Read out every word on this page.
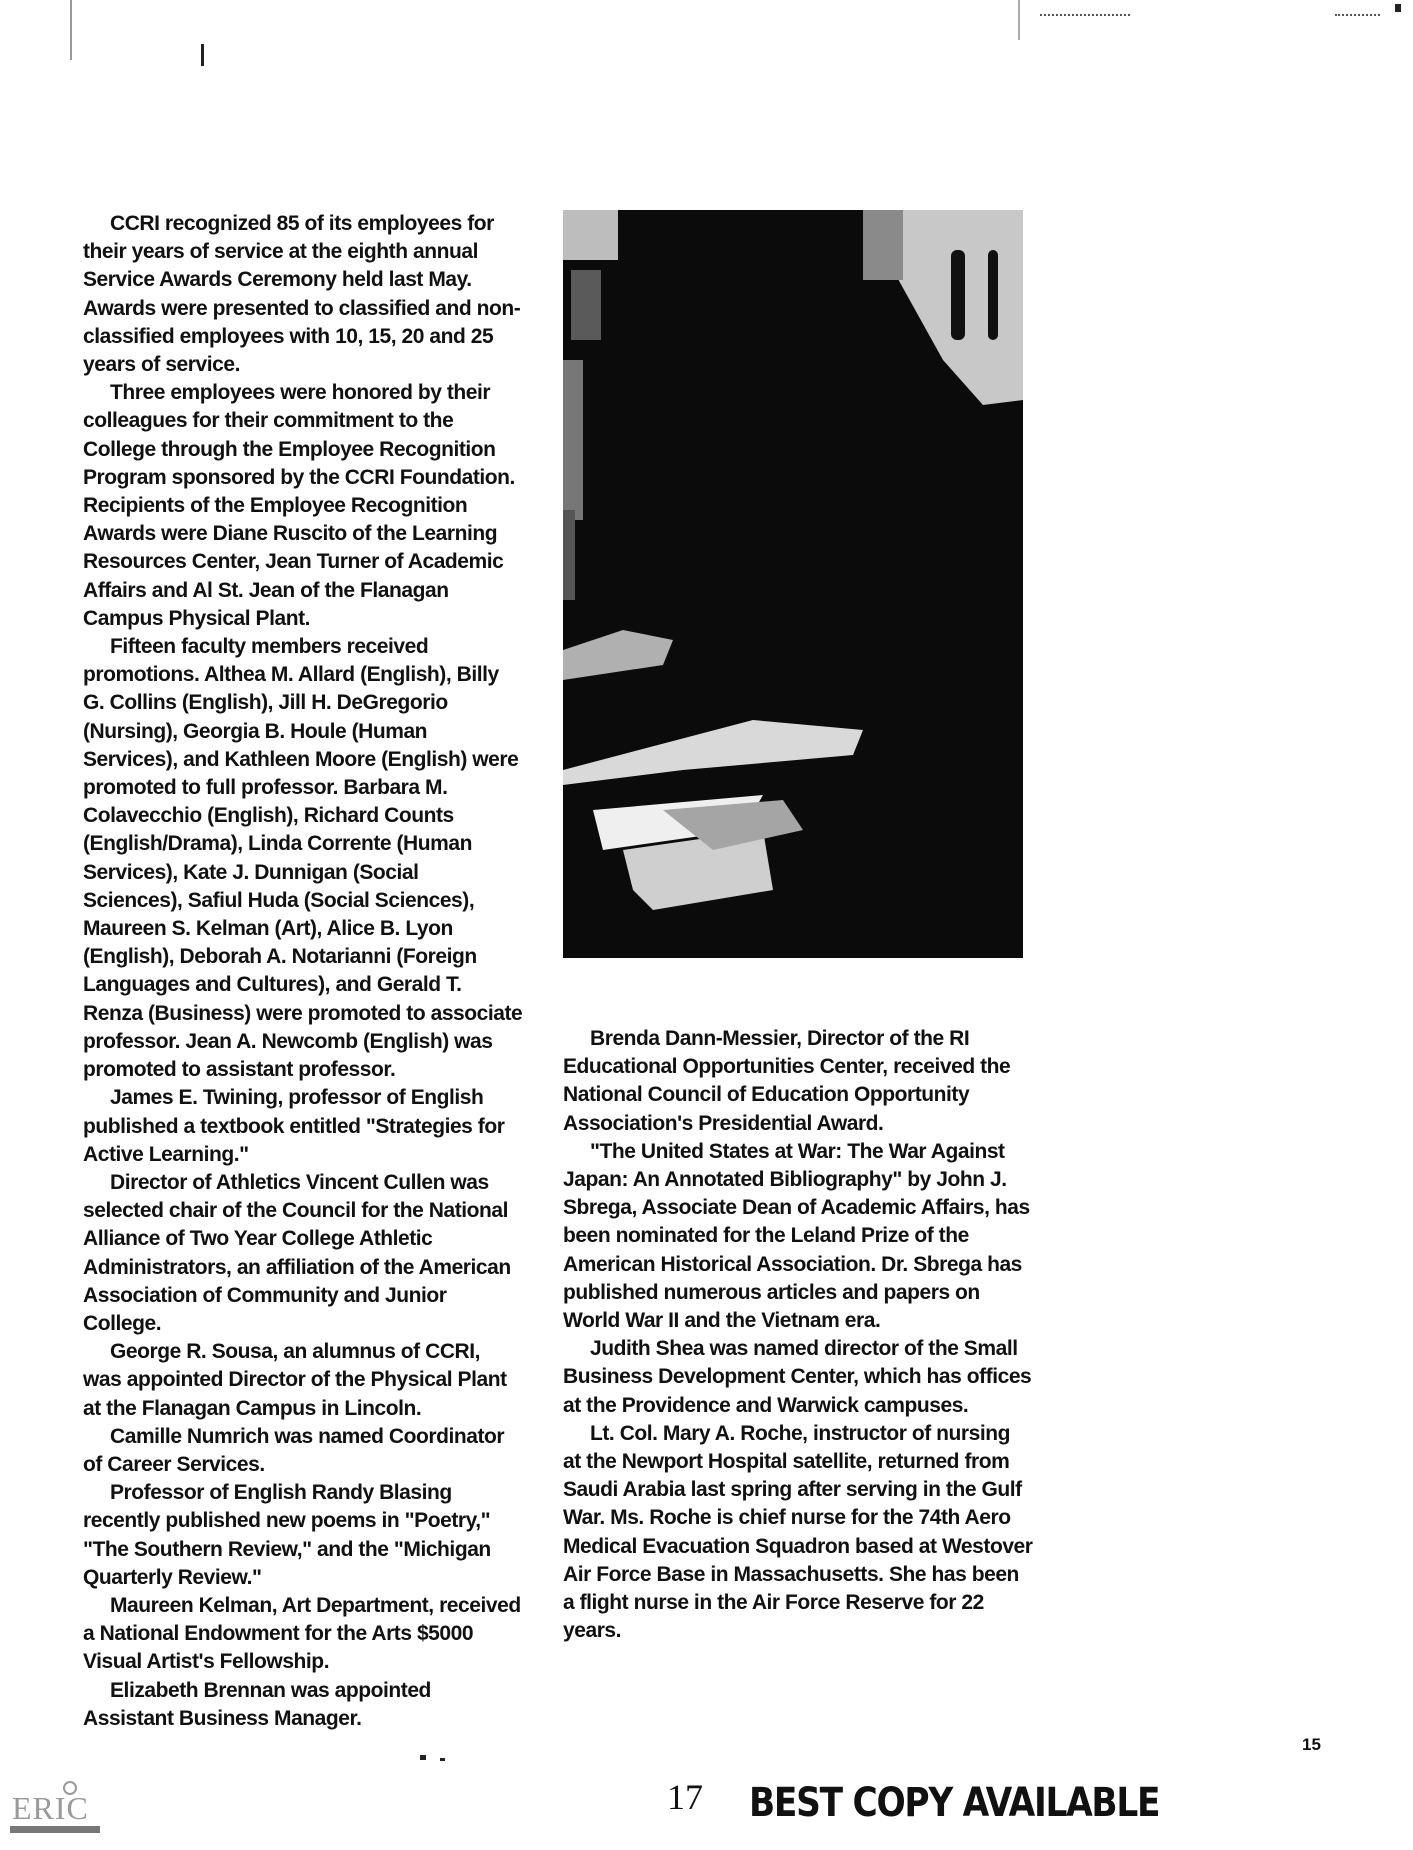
CCRI recognized 85 of its employees for their years of service at the eighth annual Service Awards Ceremony held last May. Awards were presented to classified and non-classified employees with 10, 15, 20 and 25 years of service.

Three employees were honored by their colleagues for their commitment to the College through the Employee Recognition Program sponsored by the CCRI Foundation. Recipients of the Employee Recognition Awards were Diane Ruscito of the Learning Resources Center, Jean Turner of Academic Affairs and Al St. Jean of the Flanagan Campus Physical Plant.

Fifteen faculty members received promotions. Althea M. Allard (English), Billy G. Collins (English), Jill H. DeGregorio (Nursing), Georgia B. Houle (Human Services), and Kathleen Moore (English) were promoted to full professor. Barbara M. Colavecchio (English), Richard Counts (English/Drama), Linda Corrente (Human Services), Kate J. Dunnigan (Social Sciences), Safiul Huda (Social Sciences), Maureen S. Kelman (Art), Alice B. Lyon (English), Deborah A. Notarianni (Foreign Languages and Cultures), and Gerald T. Renza (Business) were promoted to associate professor. Jean A. Newcomb (English) was promoted to assistant professor.

James E. Twining, professor of English published a textbook entitled "Strategies for Active Learning."

Director of Athletics Vincent Cullen was selected chair of the Council for the National Alliance of Two Year College Athletic Administrators, an affiliation of the American Association of Community and Junior College.

George R. Sousa, an alumnus of CCRI, was appointed Director of the Physical Plant at the Flanagan Campus in Lincoln.

Camille Numrich was named Coordinator of Career Services.

Professor of English Randy Blasing recently published new poems in "Poetry," "The Southern Review," and the "Michigan Quarterly Review."

Maureen Kelman, Art Department, received a National Endowment for the Arts $5000 Visual Artist's Fellowship.

Elizabeth Brennan was appointed Assistant Business Manager.

Brenda Dann-Messier, Director of the RI Educational Opportunities Center, received the National Council of Education Opportunity Association's Presidential Award.

"The United States at War: The War Against Japan: An Annotated Bibliography" by John J. Sbrega, Associate Dean of Academic Affairs, has been nominated for the Leland Prize of the American Historical Association. Dr. Sbrega has published numerous articles and papers on World War II and the Vietnam era.

Judith Shea was named director of the Small Business Development Center, which has offices at the Providence and Warwick campuses.

Lt. Col. Mary A. Roche, instructor of nursing at the Newport Hospital satellite, returned from Saudi Arabia last spring after serving in the Gulf War. Ms. Roche is chief nurse for the 74th Aero Medical Evacuation Squadron based at Westover Air Force Base in Massachusetts. She has been a flight nurse in the Air Force Reserve for 22 years.

15
17 BEST COPY AVAILABLE
ERIC
